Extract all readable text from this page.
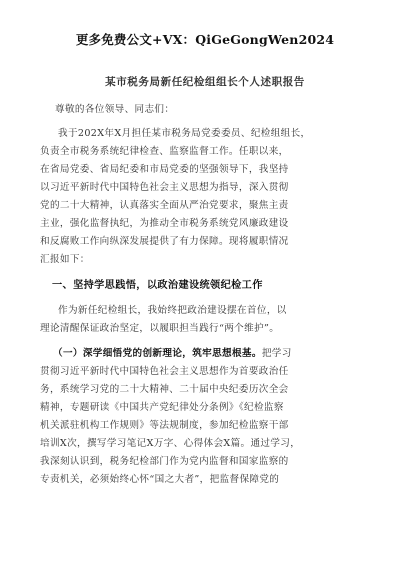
更多免费公文+VX：QiGeGongWen2024
某市税务局新任纪检组组长个人述职报告
尊敬的各位领导、同志们：
我于202X年X月担任某市税务局党委委员、纪检组组长，
负责全市税务系统纪律检查、监察监督工作。任职以来，
在省局党委、省局纪委和市局党委的坚强领导下，我坚持
以习近平新时代中国特色社会主义思想为指导，深入贯彻
党的二十大精神，认真落实全面从严治党要求，聚焦主责
主业，强化监督执纪，为推动全市税务系统党风廉政建设
和反腐败工作向纵深发展提供了有力保障。现将履职情况
汇报如下：
一、坚持学思践悟，以政治建设统领纪检工作
作为新任纪检组长，我始终把政治建设摆在首位，以
理论清醒保证政治坚定，以履职担当践行“两个维护”。
（一）深学细悟党的创新理论，筑牢思想根基。把学习
贯彻习近平新时代中国特色社会主义思想作为首要政治任
务，系统学习党的二十大精神、二十届中央纪委历次全会
精神，专题研读《中国共产党纪律处分条例》《纪检监察
机关派驻机构工作规则》等法规制度，参加纪检监察干部
培训X次，撰写学习笔记X万字、心得体会X篇。通过学习，
我深刻认识到，税务纪检部门作为党内监督和国家监察的
专责机关，必须始终心怀“国之大者”，把监督保障党的
